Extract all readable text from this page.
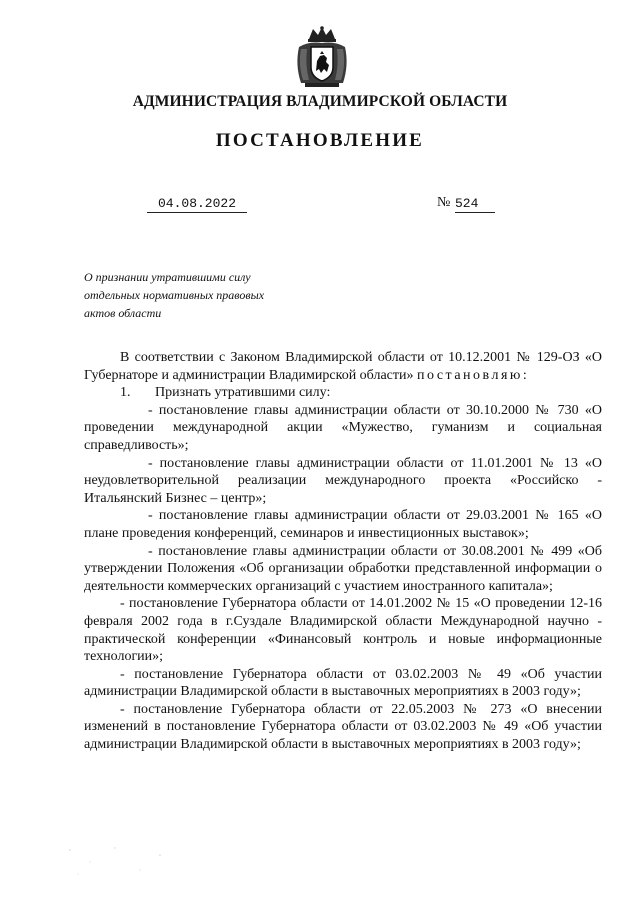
АДМИНИСТРАЦИЯ ВЛАДИМИРСКОЙ ОБЛАСТИ
ПОСТАНОВЛЕНИЕ
04.08.2022	№ 524
О признании утратившими силу
отдельных нормативных правовых
актов области

В соответствии с Законом Владимирской области от 10.12.2001 № 129-ОЗ «О Губернаторе и администрации Владимирской области» постановляю:

1.       Признать утратившими силу:

- постановление главы администрации области от 30.10.2000 № 730 «О проведении международной акции «Мужество, гуманизм и социальная справедливость»;

- постановление главы администрации области от 11.01.2001 № 13 «О неудовлетворительной реализации международного проекта «Российско - Итальянский Бизнес – центр»;

- постановление главы администрации области от 29.03.2001 № 165 «О плане проведения конференций, семинаров и инвестиционных выставок»;

- постановление главы администрации области от 30.08.2001 № 499 «Об утверждении Положения «Об организации обработки представленной информации о деятельности коммерческих организаций с участием иностранного капитала»;

- постановление Губернатора области от 14.01.2002 № 15 «О проведении 12-16 февраля 2002 года в г.Суздале Владимирской области Международной научно - практической конференции «Финансовый контроль и новые информационные технологии»;

- постановление Губернатора области от 03.02.2003 № 49 «Об участии администрации Владимирской области в выставочных мероприятиях в 2003 году»;

- постановление Губернатора области от 22.05.2003 № 273 «О внесении изменений в постановление Губернатора области от 03.02.2003 № 49 «Об участии администрации Владимирской области в выставочных мероприятиях в 2003 году»;
